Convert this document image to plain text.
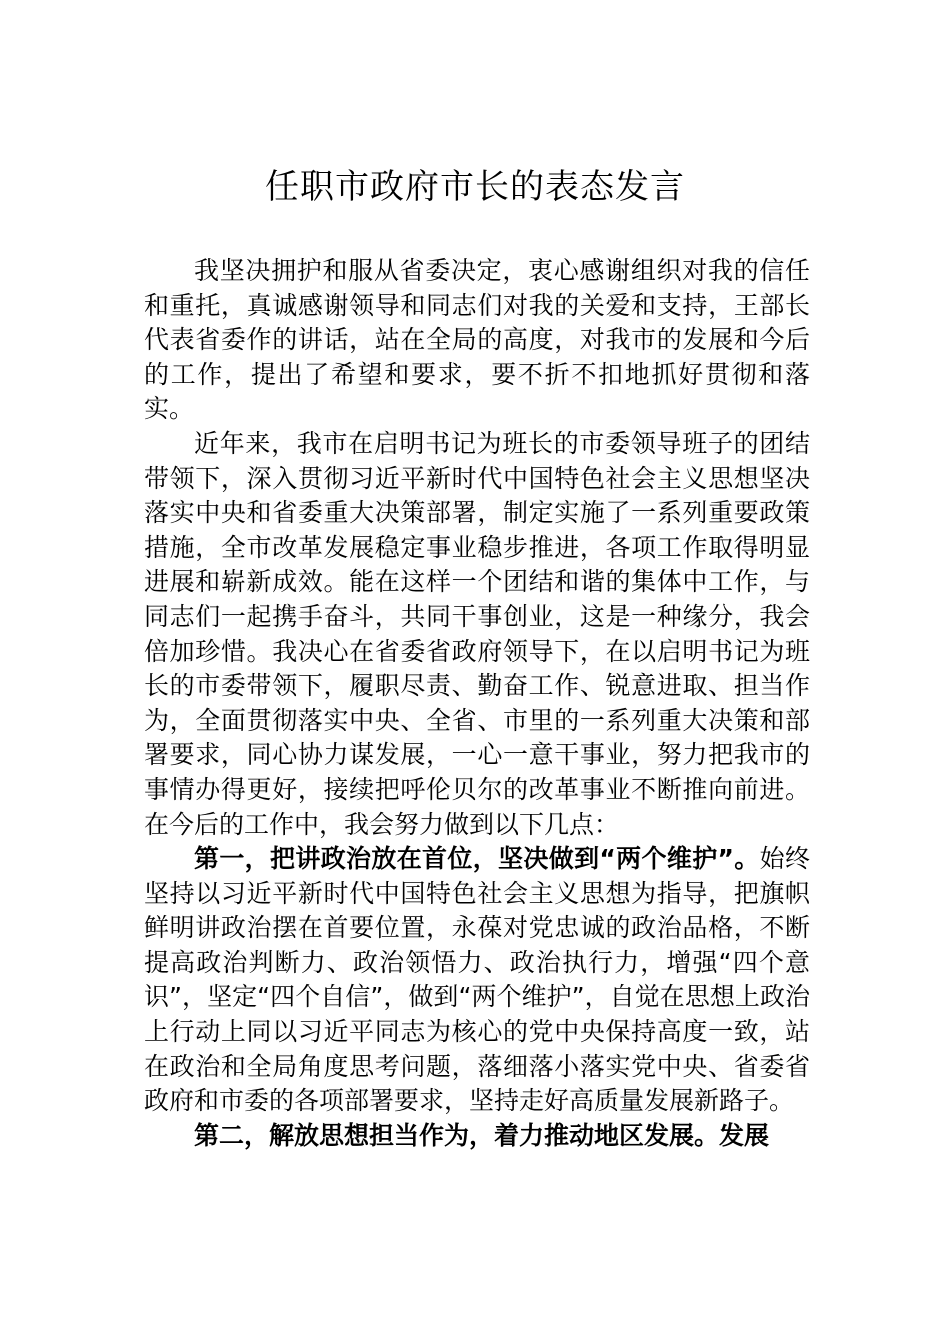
任职市政府市长的表态发言

我坚决拥护和服从省委决定，衷心感谢组织对我的信任和重托，真诚感谢领导和同志们对我的关爱和支持，王部长代表省委作的讲话，站在全局的高度，对我市的发展和今后的工作，提出了希望和要求，要不折不扣地抓好贯彻和落实。

近年来，我市在启明书记为班长的市委领导班子的团结带领下，深入贯彻习近平新时代中国特色社会主义思想坚决落实中央和省委重大决策部署，制定实施了一系列重要政策措施，全市改革发展稳定事业稳步推进，各项工作取得明显进展和崭新成效。能在这样一个团结和谐的集体中工作，与同志们一起携手奋斗，共同干事创业，这是一种缘分，我会倍加珍惜。我决心在省委省政府领导下，在以启明书记为班长的市委带领下，履职尽责、勤奋工作、锐意进取、担当作为，全面贯彻落实中央、全省、市里的一系列重大决策和部署要求，同心协力谋发展，一心一意干事业，努力把我市的事情办得更好，接续把呼伦贝尔的改革事业不断推向前进。在今后的工作中，我会努力做到以下几点：

第一，把讲政治放在首位，坚决做到“两个维护”。始终坚持以习近平新时代中国特色社会主义思想为指导，把旗帜鲜明讲政治摆在首要位置，永葆对党忠诚的政治品格，不断提高政治判断力、政治领悟力、政治执行力，增强“四个意识”，坚定“四个自信”，做到“两个维护”，自觉在思想上政治上行动上同以习近平同志为核心的党中央保持高度一致，站在政治和全局角度思考问题，落细落小落实党中央、省委省政府和市委的各项部署要求，坚持走好高质量发展新路子。

第二，解放思想担当作为，着力推动地区发展。发展
